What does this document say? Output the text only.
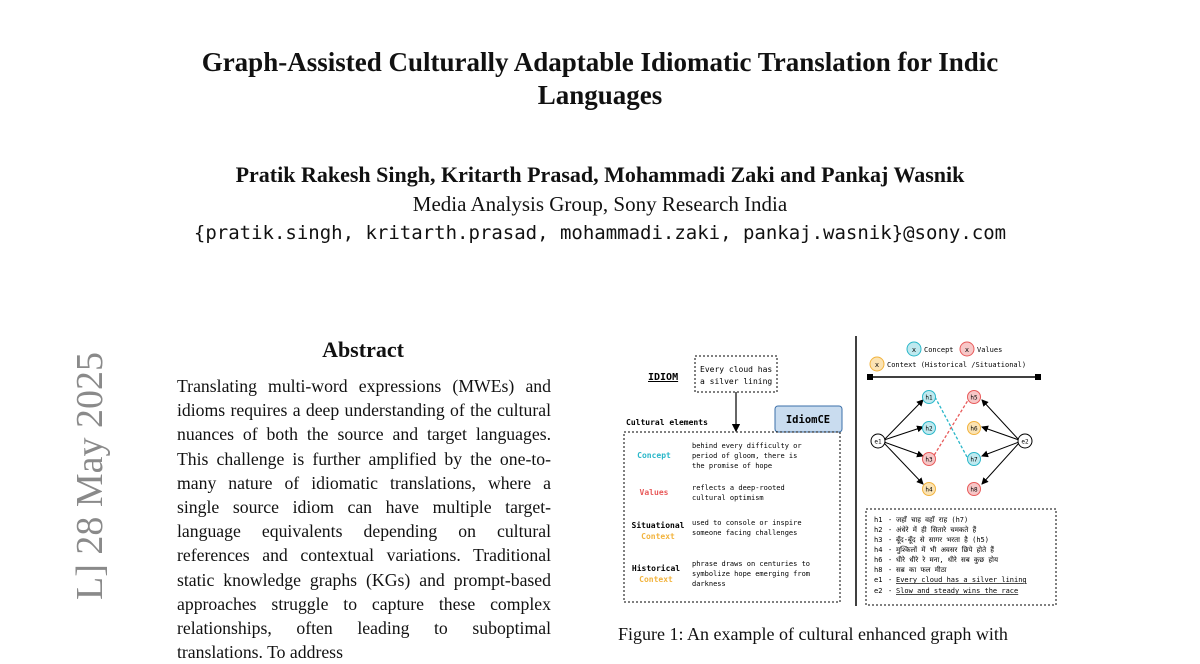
Graph-Assisted Culturally Adaptable Idiomatic Translation for Indic Languages
Pratik Rakesh Singh, Kritarth Prasad, Mohammadi Zaki and Pankaj Wasnik
Media Analysis Group, Sony Research India
{pratik.singh, kritarth.prasad, mohammadi.zaki, pankaj.wasnik}@sony.com
L] 28 May 2025
Abstract
Translating multi-word expressions (MWEs) and idioms requires a deep understanding of the cultural nuances of both the source and target languages. This challenge is further amplified by the one-to-many nature of idiomatic translations, where a single source idiom can have multiple target-language equivalents depending on cultural references and contextual variations. Traditional static knowledge graphs (KGs) and prompt-based approaches struggle to capture these complex relationships, often leading to suboptimal translations. To address
IDIOM
Every cloud has
a silver lining
IdiomCE
Cultural elements
Concept
behind every difficulty or
period of gloom, there is
the promise of hope
Values	reflects a deep-rooted
cultural optimism
Situational
Context
used to console or inspire
someone facing challenges
Historical
Context
phrase draws on centuries to
symbolize hope emerging from
darkness
x Concept x Values
x Context (Historical /Situational)
e1	e2
h1
h2
h3
h4
h5
h6
h7
h8
h1 - जहाँ चाह वहाँ राह (h7)
h2 - अंधेरे में ही सितारे चमकते हैं
h3 - बूँद-बूँद से सागर भरता है (h5)
h4 - मुश्किलों में भी अवसर छिपे होते हैं
h6 - धीरे धीरे रे मना, धीरे सब कुछ होय
h8 - सब्र का फल मीठा
e1 - Every cloud has a silver lining
e2 - Slow and steady wins the race
Figure 1: An example of cultural enhanced graph with
